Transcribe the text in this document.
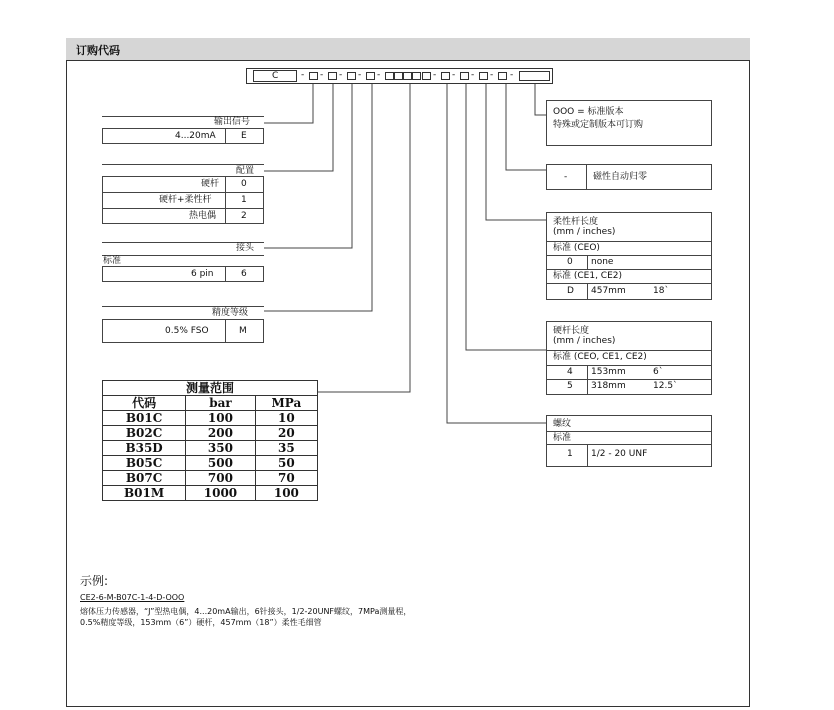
订购代码
C	- - - - -	- - - - -
输出信号
4...20mA	E
配置
硬杆 0
硬杆+柔性杆	1
热电偶	2
接头
标准
6 pin	6
精度等级
0.5% FSO	M
测量范围		
代码	bar	MPa
B01C	100	10
B02C	200	20
B35D	350	35
B05C	500	50
B07C	700	70
B01M	1000	100
OOO = 标准版本
特殊或定制版本可订购
-	磁性自动归零
柔性杆长度
(mm / inches)
标准 (CEO)
0 none
标准 (CE1, CE2)
D 457mm	18`
硬杆长度
(mm / inches)
标准 (CEO, CE1, CE2)
4 153mm	6`
5 318mm	12.5`
螺纹
标准
1 1/2 - 20 UNF
示例:
CE2-6-M-B07C-1-4-D-OOO
熔体压力传感器，“J”型热电偶，4...20mA输出，6针接头，1/2-20UNF螺纹，7MPa测量程，
0.5%精度等级，153mm（6”）硬杆，457mm（18”）柔性毛细管
